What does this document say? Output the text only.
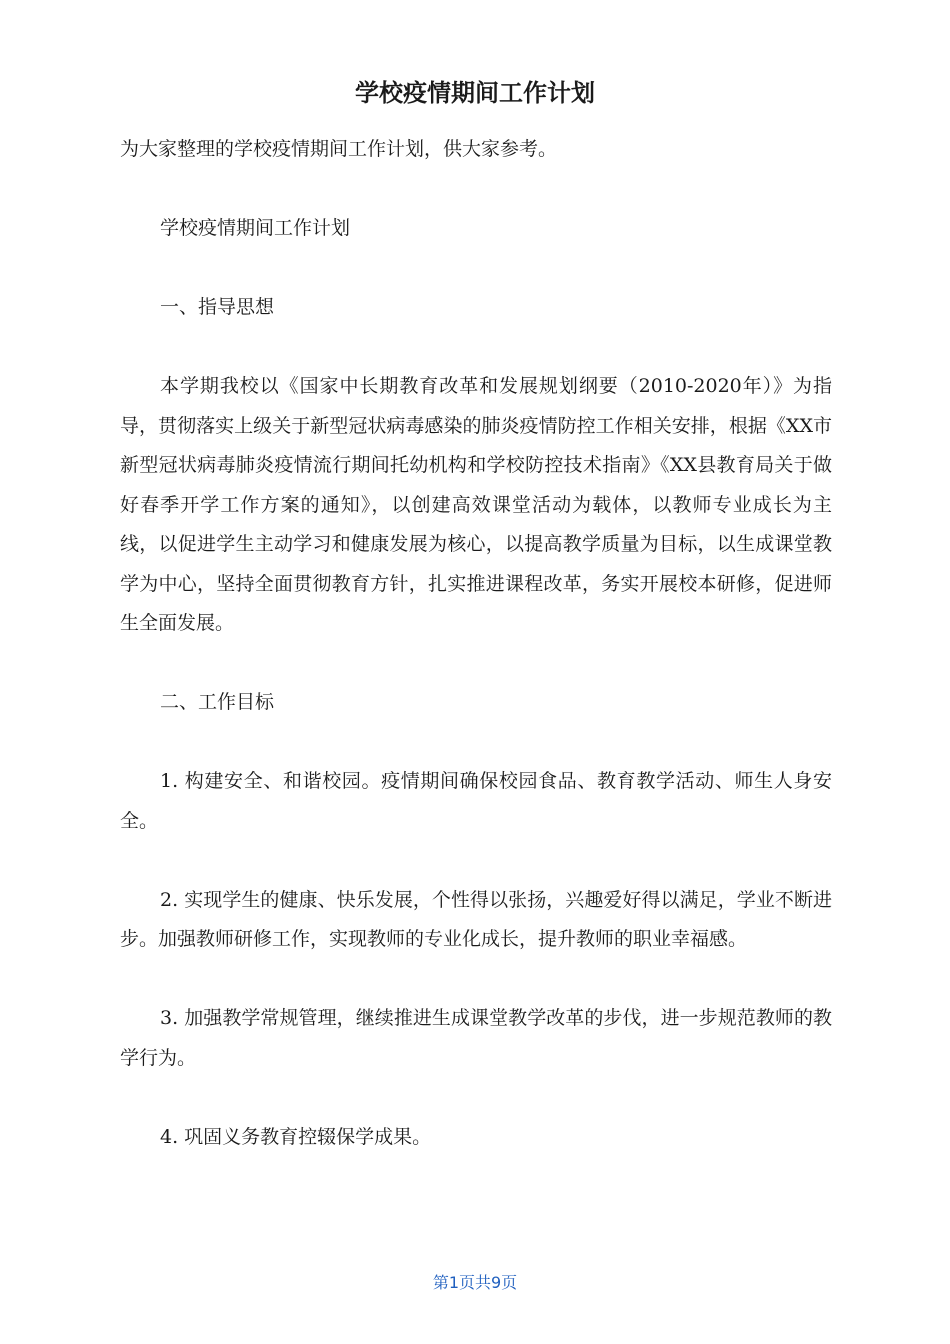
学校疫情期间工作计划

为大家整理的学校疫情期间工作计划，供大家参考。

学校疫情期间工作计划

一、指导思想

本学期我校以《国家中长期教育改革和发展规划纲要（2010-2020年）》为指导，贯彻落实上级关于新型冠状病毒感染的肺炎疫情防控工作相关安排，根据《XX市新型冠状病毒肺炎疫情流行期间托幼机构和学校防控技术指南》《XX县教育局关于做好春季开学工作方案的通知》，以创建高效课堂活动为载体，以教师专业成长为主线，以促进学生主动学习和健康发展为核心，以提高教学质量为目标，以生成课堂教学为中心，坚持全面贯彻教育方针，扎实推进课程改革，务实开展校本研修，促进师生全面发展。

二、工作目标

1. 构建安全、和谐校园。疫情期间确保校园食品、教育教学活动、师生人身安全。

2. 实现学生的健康、快乐发展，个性得以张扬，兴趣爱好得以满足，学业不断进步。加强教师研修工作，实现教师的专业化成长，提升教师的职业幸福感。

3. 加强教学常规管理，继续推进生成课堂教学改革的步伐，进一步规范教师的教学行为。

4. 巩固义务教育控辍保学成果。

第1页共9页
